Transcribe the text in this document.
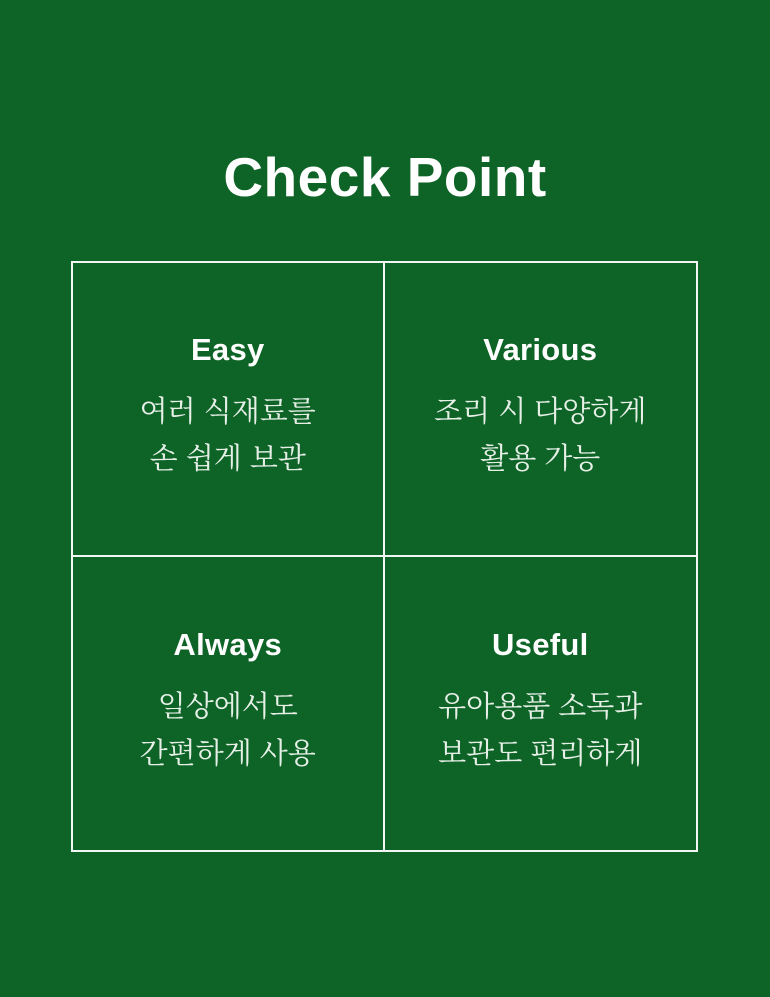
Check Point
Easy
여러 식재료를
손 쉽게 보관
Various
조리 시 다양하게
활용 가능
Always
일상에서도
간편하게 사용
Useful
유아용품 소독과
보관도 편리하게
